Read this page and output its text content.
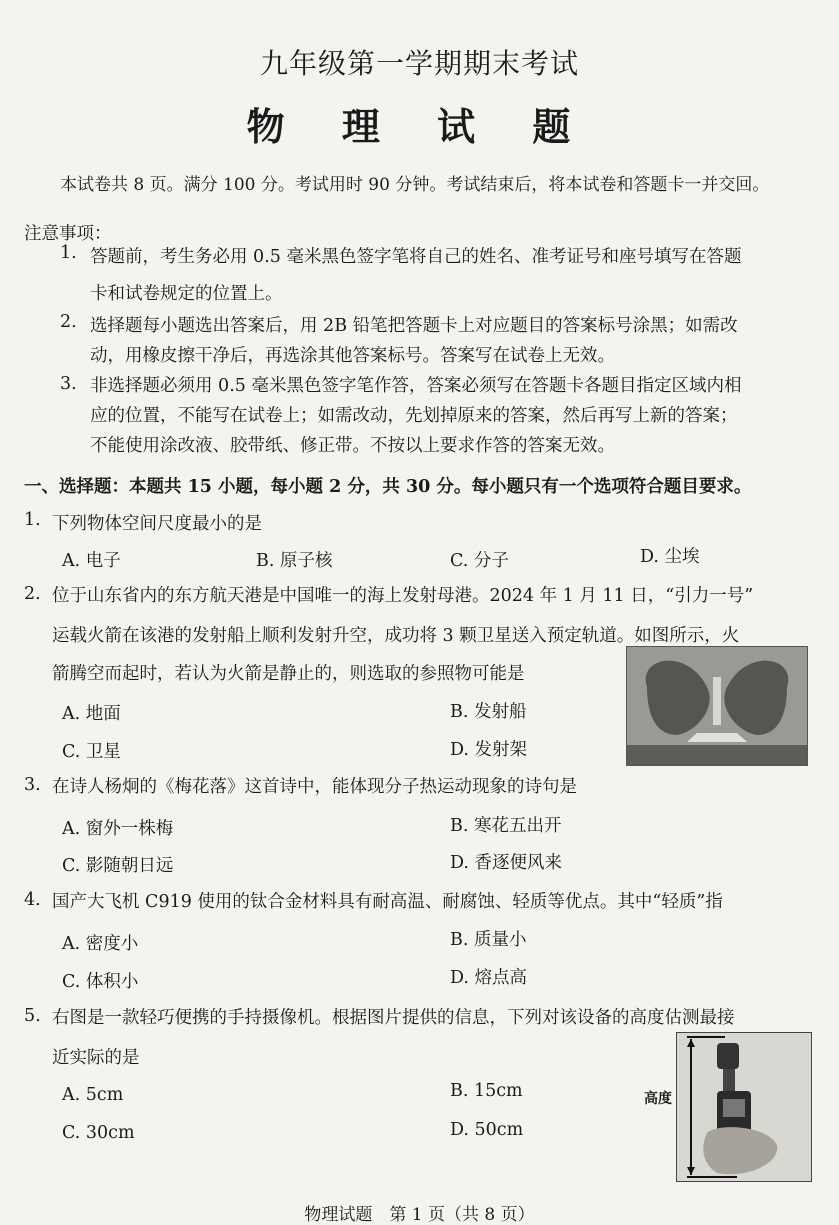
九年级第一学期期末考试
物 理 试 题
本试卷共 8 页。满分 100 分。考试用时 90 分钟。考试结束后，将本试卷和答题卡一并交回。
注意事项：
1. 答题前，考生务必用 0.5 毫米黑色签字笔将自己的姓名、准考证号和座号填写在答题
卡和试卷规定的位置上。
2. 选择题每小题选出答案后，用 2B 铅笔把答题卡上对应题目的答案标号涂黑；如需改
动，用橡皮擦干净后，再选涂其他答案标号。答案写在试卷上无效。
3. 非选择题必须用 0.5 毫米黑色签字笔作答，答案必须写在答题卡各题目指定区域内相
应的位置，不能写在试卷上；如需改动，先划掉原来的答案，然后再写上新的答案；
不能使用涂改液、胶带纸、修正带。不按以上要求作答的答案无效。
一、选择题：本题共 15 小题，每小题 2 分，共 30 分。每小题只有一个选项符合题目要求。
1. 下列物体空间尺度最小的是
A. 电子	B. 原子核	C. 分子	D. 尘埃
2. 位于山东省内的东方航天港是中国唯一的海上发射母港。2024 年 1 月 11 日，“引力一号”
运载火箭在该港的发射船上顺利发射升空，成功将 3 颗卫星送入预定轨道。如图所示，火
箭腾空而起时，若认为火箭是静止的，则选取的参照物可能是
A. 地面	B. 发射船
C. 卫星	D. 发射架
3. 在诗人杨炯的《梅花落》这首诗中，能体现分子热运动现象的诗句是
A. 窗外一株梅	B. 寒花五出开
C. 影随朝日远	D. 香逐便风来
4. 国产大飞机 C919 使用的钛合金材料具有耐高温、耐腐蚀、轻质等优点。其中“轻质”指
A. 密度小	B. 质量小
C. 体积小	D. 熔点高
5. 右图是一款轻巧便携的手持摄像机。根据图片提供的信息，下列对该设备的高度估测最接
近实际的是
A. 5cm	B. 15cm
C. 30cm	D. 50cm
高度
物理试题　第 1 页（共 8 页）
